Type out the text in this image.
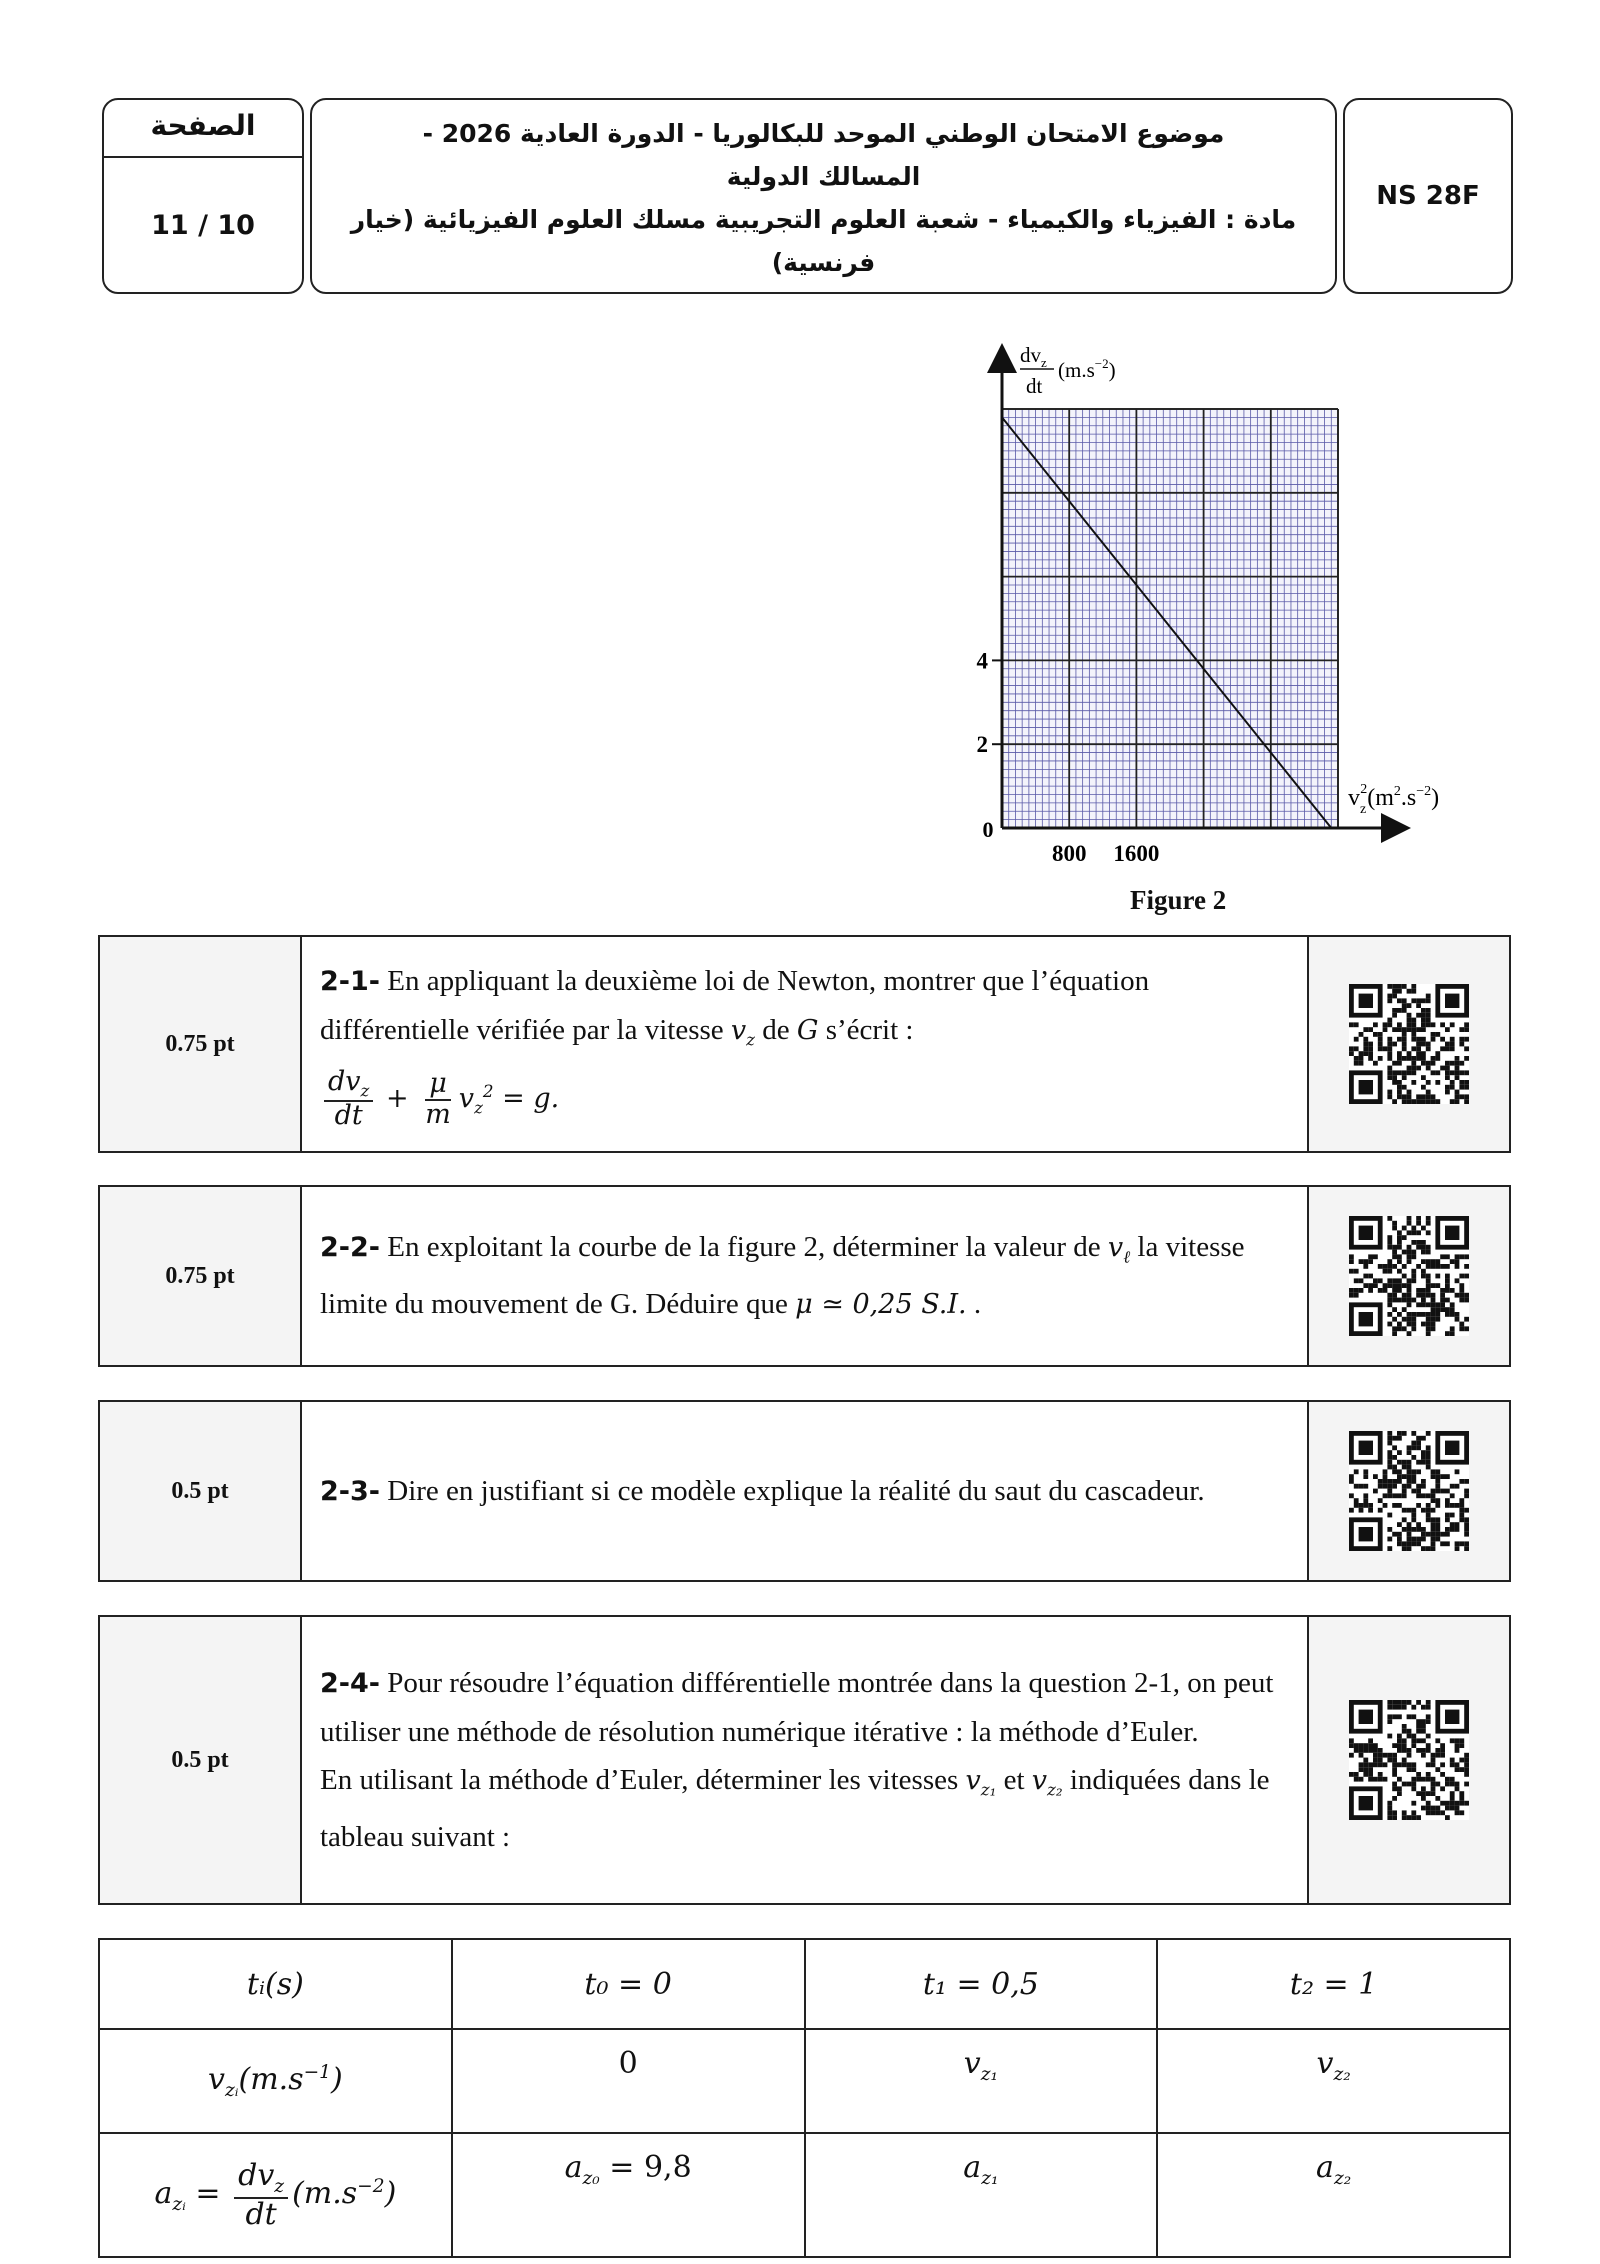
الصفحة
11 / 10
موضوع الامتحان الوطني الموحد للبكالوريا - الدورة العادية 2026 -
المسالك الدولية
مادة : الفيزياء والكيمياء - شعبة العلوم التجريبية مسلك العلوم الفيزيائية (خيار
فرنسية)
NS 28F
800 1600
2
4
0
$dv_z$
dt
$(m.s^{-2})$
$v_z2(m^2.s^{-2})$
Figure 2
0.75 pt
2-1- En appliquant la deuxième loi de Newton, montrer que l’équation différentielle vérifiée par la vitesse $v_z$ de G s’écrit :
$\frac{dv_z}{dt} + \frac{\mu}{m} v_z^2 = g$.
0.75 pt
2-2- En exploitant la courbe de la figure 2, déterminer la valeur de $v_\ell$ la vitesse limite du mouvement de G. Déduire que μ ≃ 0,25 S.I. .
0.5 pt	2-3- Dire en justifiant si ce modèle explique la réalité du saut du cascadeur.
0.5 pt
2-4- Pour résoudre l’équation différentielle montrée dans la question 2-1, on peut utiliser une méthode de résolution numérique itérative : la méthode d’Euler.
En utilisant la méthode d’Euler, déterminer les vitesses $v_{z_1}$ et $v_{z_2}$ indiquées dans le tableau suivant :
tᵢ(s)	t₀ = 0	t₁ = 0,5	t₂ = 1
$v_{zᵢ}(m.s^{-1})$	0	$v_{z_1}$	$v_{z_2}$
$a_{zᵢ} = \frac{dv_z}{dt} (m.s^{-2})$	$a_{z_0} = 9,8$	$a_{z_1}$	$a_{z_2}$
